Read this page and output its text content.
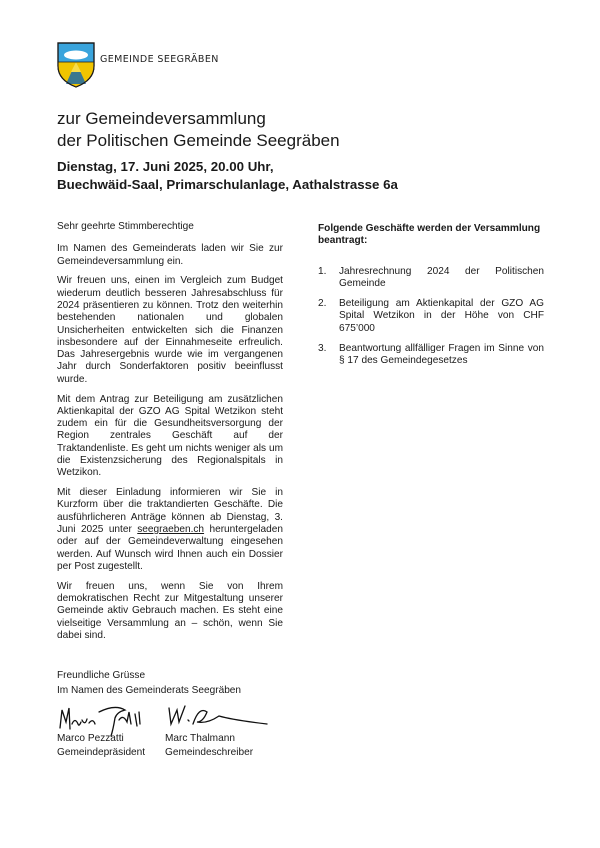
GEMEINDE SEEGRÄBEN
zur Gemeindeversammlung
der Politischen Gemeinde Seegräben
Dienstag, 17. Juni 2025, 20.00 Uhr,
Buechwäid-Saal, Primarschulanlage, Aathalstrasse 6a

Sehr geehrte Stimmberechtige

Im Namen des Gemeinderats laden wir Sie zur Gemeindeversammlung ein.

Wir freuen uns, einen im Vergleich zum Budget wiederum deutlich besseren Jahresabschluss für 2024 präsentieren zu können. Trotz den weiterhin bestehenden nationalen und globalen Unsicherheiten entwickelten sich die Finanzen insbesondere auf der Einnahmeseite erfreulich. Das Jahresergebnis wurde wie im vergangenen Jahr durch Sonderfaktoren positiv beeinflusst wurde.

Mit dem Antrag zur Beteiligung am zusätzlichen Aktienkapital der GZO AG Spital Wetzikon steht zudem ein für die Gesundheitsversorgung der Region zentrales Geschäft auf der Traktandenliste. Es geht um nichts weniger als um die Existenzsicherung des Regionalspitals in Wetzikon.

Mit dieser Einladung informieren wir Sie in Kurzform über die traktandierten Geschäfte. Die ausführlicheren Anträge können ab Dienstag, 3. Juni 2025 unter seegraeben.ch heruntergeladen oder auf der Gemeindeverwaltung eingesehen werden. Auf Wunsch wird Ihnen auch ein Dossier per Post zugestellt.

Wir freuen uns, wenn Sie von Ihrem demokratischen Recht zur Mitgestaltung unserer Gemeinde aktiv Gebrauch machen. Es steht eine vielseitige Versammlung an – schön, wenn Sie dabei sind.

Folgende Geschäfte werden der Versammlung beantragt:
1. Jahresrechnung 2024 der Politischen Gemeinde
2. Beteiligung am Aktienkapital der GZO AG Spital Wetzikon in der Höhe von CHF 675’000
3. Beantwortung allfälliger Fragen im Sinne von § 17 des Gemeindegesetzes
Freundliche Grüsse
Im Namen des Gemeinderats Seegräben
Marco Pezzatti
Gemeindepräsident
Marc Thalmann
Gemeindeschreiber
